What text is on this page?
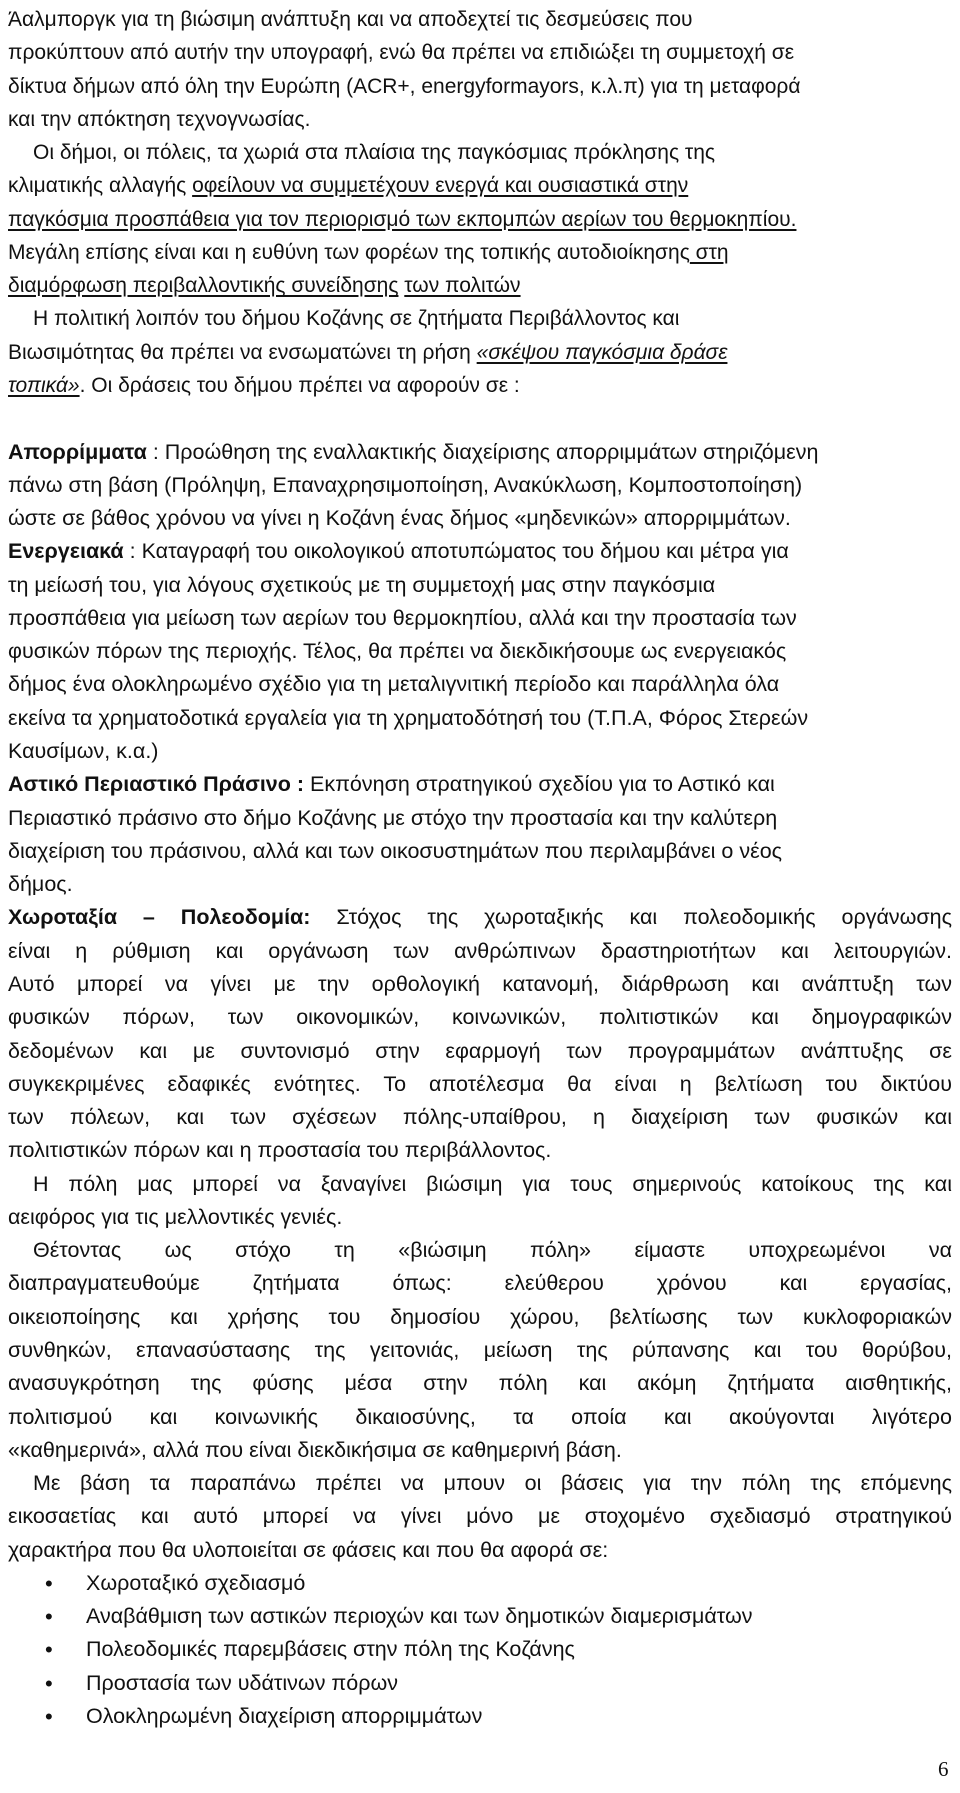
Άαλμποργκ για τη βιώσιμη ανάπτυξη και να αποδεχτεί τις δεσμεύσεις που
προκύπτουν από αυτήν την υπογραφή, ενώ θα πρέπει να επιδιώξει τη συμμετοχή σε
δίκτυα δήμων από όλη την Ευρώπη (ACR+, energyformayors, κ.λ.π) για τη μεταφορά
και την απόκτηση τεχνογνωσίας.
Οι δήμοι, οι πόλεις, τα χωριά στα πλαίσια της παγκόσμιας πρόκλησης της
κλιματικής αλλαγής οφείλουν να συμμετέχουν ενεργά και ουσιαστικά στην
παγκόσμια προσπάθεια για τον περιορισμό των εκπομπών αερίων του θερμοκηπίου.
Μεγάλη επίσης είναι και η ευθύνη των φορέων της τοπικής αυτοδιοίκησης στη
διαμόρφωση περιβαλλοντικής συνείδησης των πολιτών
Η πολιτική λοιπόν του δήμου Κοζάνης σε ζητήματα Περιβάλλοντος και
Βιωσιμότητας θα πρέπει να ενσωματώνει τη ρήση «σκέψου παγκόσμια δράσε
τοπικά». Οι δράσεις του δήμου πρέπει να αφορούν σε :
Απορρίμματα : Προώθηση της εναλλακτικής διαχείρισης απορριμμάτων στηριζόμενη
πάνω στη βάση (Πρόληψη, Επαναχρησιμοποίηση, Ανακύκλωση, Κομποστοποίηση)
ώστε σε βάθος χρόνου να γίνει η Κοζάνη ένας δήμος «μηδενικών» απορριμμάτων.
Ενεργειακά : Καταγραφή του οικολογικού αποτυπώματος του δήμου και μέτρα για
τη μείωσή του, για λόγους σχετικούς με τη συμμετοχή μας στην παγκόσμια
προσπάθεια για μείωση των αερίων του θερμοκηπίου, αλλά και την προστασία των
φυσικών πόρων της περιοχής. Τέλος, θα πρέπει να διεκδικήσουμε ως ενεργειακός
δήμος ένα ολοκληρωμένο σχέδιο για τη μεταλιγνιτική περίοδο και παράλληλα όλα
εκείνα τα χρηματοδοτικά εργαλεία για τη χρηματοδότησή του (Τ.Π.Α, Φόρος Στερεών
Καυσίμων, κ.α.)
Αστικό Περιαστικό Πράσινο : Εκπόνηση στρατηγικού σχεδίου για το Αστικό και
Περιαστικό πράσινο στο δήμο Κοζάνης με στόχο την προστασία και την καλύτερη
διαχείριση του πράσινου, αλλά και των οικοσυστημάτων που περιλαμβάνει ο νέος
δήμος.
Χωροταξία – Πολεοδομία: Στόχος της χωροταξικής και πολεοδομικής οργάνωσης
είναι η ρύθμιση και οργάνωση των ανθρώπινων δραστηριοτήτων και λειτουργιών.
Αυτό μπορεί να γίνει με την ορθολογική κατανομή, διάρθρωση και ανάπτυξη των
φυσικών πόρων, των οικονομικών, κοινωνικών, πολιτιστικών και δημογραφικών
δεδομένων και με συντονισμό στην εφαρμογή των προγραμμάτων ανάπτυξης σε
συγκεκριμένες εδαφικές ενότητες. Το αποτέλεσμα θα είναι η βελτίωση του δικτύου
των πόλεων, και των σχέσεων πόλης-υπαίθρου, η διαχείριση των φυσικών και
πολιτιστικών πόρων και η προστασία του περιβάλλοντος.
Η πόλη μας μπορεί να ξαναγίνει βιώσιμη για τους σημερινούς κατοίκους της και
αειφόρος για τις μελλοντικές γενιές.
Θέτοντας ως στόχο τη «βιώσιμη πόλη» είμαστε υποχρεωμένοι να
διαπραγματευθούμε ζητήματα όπως: ελεύθερου χρόνου και εργασίας,
οικειοποίησης και χρήσης του δημοσίου χώρου, βελτίωσης των κυκλοφοριακών
συνθηκών, επανασύστασης της γειτονιάς, μείωση της ρύπανσης και του θορύβου,
ανασυγκρότηση της φύσης μέσα στην πόλη και ακόμη ζητήματα αισθητικής,
πολιτισμού και κοινωνικής δικαιοσύνης, τα οποία και ακούγονται λιγότερο
«καθημερινά», αλλά που είναι διεκδικήσιμα σε καθημερινή βάση.
Με βάση τα παραπάνω πρέπει να μπουν οι βάσεις για την πόλη της επόμενης
εικοσαετίας και αυτό μπορεί να γίνει μόνο με στοχομένο σχεδιασμό στρατηγικού
6
χαρακτήρα που θα υλοποιείται σε φάσεις και που θα αφορά σε:
• Χωροταξικό σχεδιασμό
• Αναβάθμιση των αστικών περιοχών και των δημοτικών διαμερισμάτων
• Πολεοδομικές παρεμβάσεις στην πόλη της Κοζάνης
• Προστασία των υδάτινων πόρων
• Ολοκληρωμένη διαχείριση απορριμμάτων
